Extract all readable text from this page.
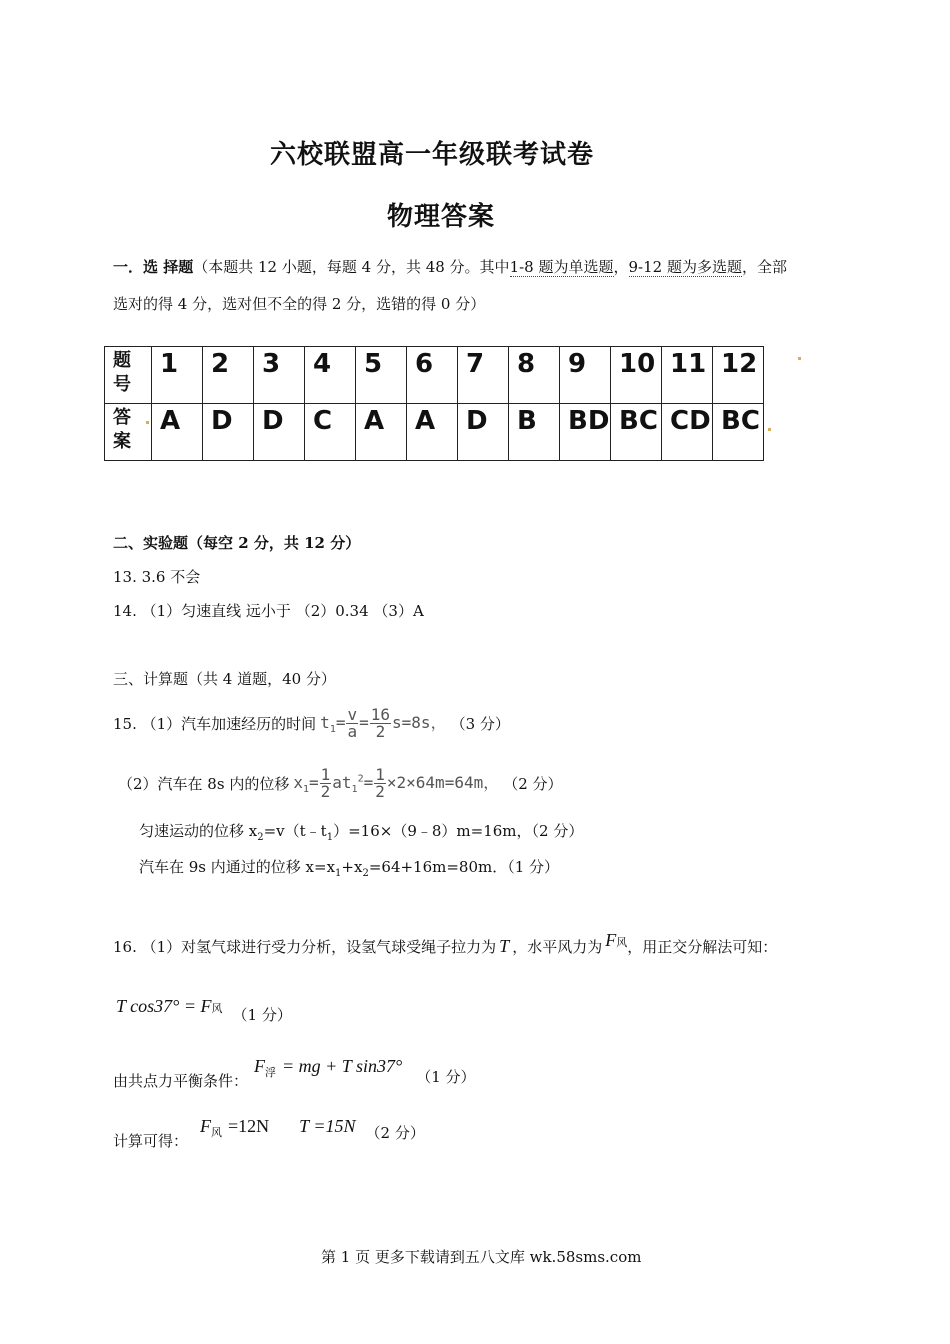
六校联盟高一年级联考试卷
物理答案
一．选 择题（本题共 12 小题，每题 4 分，共 48 分。其中1-8 题为单选题，9-12 题为多选题，全部
选对的得 4 分，选对但不全的得 2 分，选错的得 0 分）
题
号	1	2	3	4	5	6	7	8	9	10	11	12
答
案	A	D	D	C	A	A	D	B	BD	BC	CD	BC
二、实验题（每空 2 分，共 12 分）
13. 3.6 不会
14. （1）匀速直线 远小于 （2）0.34 （3）A
三、计算题（共 4 道题，40 分）
15. （1）汽车加速经历的时间 $t_1= \frac{v}{a} = \frac{16}{2} s=8s$， （3 分）
（2）汽车在 8s 内的位移 $x_1= \frac{1}{2} at_1^2= \frac{1}{2} \times 2\times 64m=64m$， （2 分）
匀速运动的位移 $x_2=v(t﹣t_1)=16\times(9﹣8)m=16m$，（2 分）
汽车在 9s 内通过的位移 $x=x_1+x_2=64+16m=80m$．（1 分）
16. （1）对氢气球进行受力分析，设氢气球受绳子拉力为 T ，水平风力为 F 风 ，用正交分解法可知：
T cos37° = F 风 （1 分）
由共点力平衡条件：
F 浮 = mg + T sin37°
（1 分）
计算可得：
F 风 =12N T =15N （2 分）
第 1 页 更多下载请到五八文库 wk.58sms.com
